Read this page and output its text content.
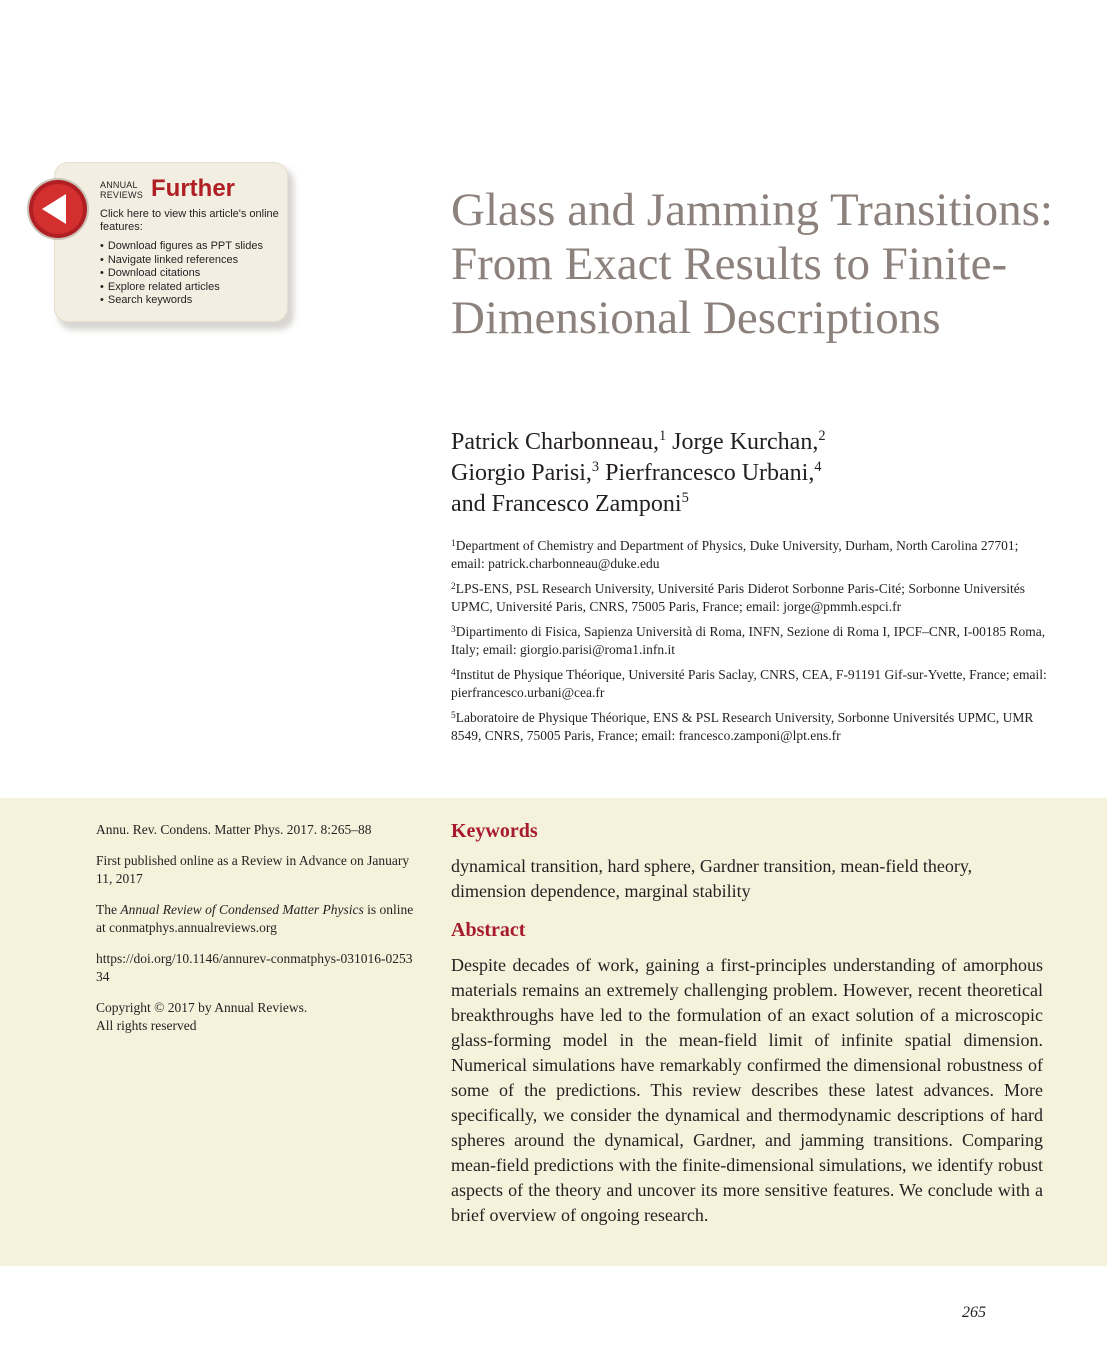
ANNUAL
REVIEWS Further
Click here to view this article's online features:
• Download figures as PPT slides
• Navigate linked references
• Download citations
• Explore related articles
• Search keywords
Glass and Jamming Transitions: From Exact Results to Finite-Dimensional Descriptions
Patrick Charbonneau,$^1$ Jorge Kurchan,$^2$
Giorgio Parisi,$^3$ Pierfrancesco Urbani,$^4$
and Francesco Zamponi$^5$
$^1$Department of Chemistry and Department of Physics, Duke University, Durham, North Carolina 27701; email: patrick.charbonneau@duke.edu
$^2$LPS-ENS, PSL Research University, Université Paris Diderot Sorbonne Paris-Cité; Sorbonne Universités UPMC, Université Paris, CNRS, 75005 Paris, France; email: jorge@pmmh.espci.fr
$^3$Dipartimento di Fisica, Sapienza Università di Roma, INFN, Sezione di Roma I, IPCF–CNR, I-00185 Roma, Italy; email: giorgio.parisi@roma1.infn.it
$^4$Institut de Physique Théorique, Université Paris Saclay, CNRS, CEA, F-91191 Gif-sur-Yvette, France; email: pierfrancesco.urbani@cea.fr
$^5$Laboratoire de Physique Théorique, ENS & PSL Research University, Sorbonne Universités UPMC, UMR 8549, CNRS, 75005 Paris, France; email: francesco.zamponi@lpt.ens.fr

Annu. Rev. Condens. Matter Phys. 2017. 8:265–88

First published online as a Review in Advance on January 11, 2017

The Annual Review of Condensed Matter Physics is online at conmatphys.annualreviews.org

https://doi.org/10.1146/annurev-conmatphys-031016-025334

Copyright © 2017 by Annual Reviews.
All rights reserved

Keywords

dynamical transition, hard sphere, Gardner transition, mean-field theory, dimension dependence, marginal stability

Abstract

Despite decades of work, gaining a first-principles understanding of amorphous materials remains an extremely challenging problem. However, recent theoretical breakthroughs have led to the formulation of an exact solution of a microscopic glass-forming model in the mean-field limit of infinite spatial dimension. Numerical simulations have remarkably confirmed the dimensional robustness of some of the predictions. This review describes these latest advances. More specifically, we consider the dynamical and thermodynamic descriptions of hard spheres around the dynamical, Gardner, and jamming transitions. Comparing mean-field predictions with the finite-dimensional simulations, we identify robust aspects of the theory and uncover its more sensitive features. We conclude with a brief overview of ongoing research.

265
